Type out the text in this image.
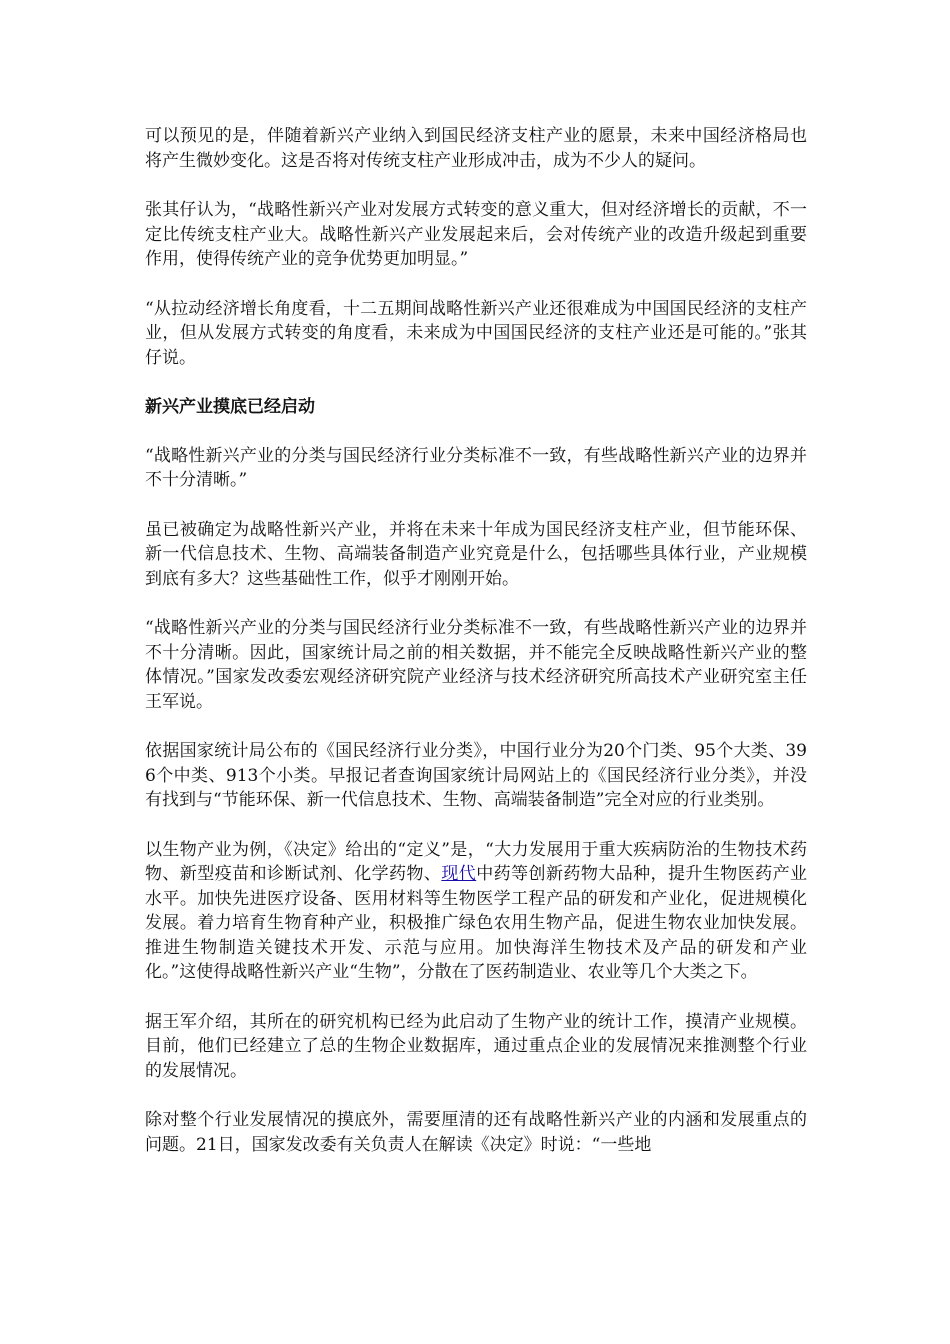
可以预见的是，伴随着新兴产业纳入到国民经济支柱产业的愿景，未来中国经济格局也将产生微妙变化。这是否将对传统支柱产业形成冲击，成为不少人的疑问。

张其仔认为，“战略性新兴产业对发展方式转变的意义重大，但对经济增长的贡献，不一定比传统支柱产业大。战略性新兴产业发展起来后，会对传统产业的改造升级起到重要作用，使得传统产业的竞争优势更加明显。”

“从拉动经济增长角度看，十二五期间战略性新兴产业还很难成为中国国民经济的支柱产业，但从发展方式转变的角度看，未来成为中国国民经济的支柱产业还是可能的。”张其仔说。

新兴产业摸底已经启动

“战略性新兴产业的分类与国民经济行业分类标准不一致，有些战略性新兴产业的边界并不十分清晰。”

虽已被确定为战略性新兴产业，并将在未来十年成为国民经济支柱产业，但节能环保、新一代信息技术、生物、高端装备制造产业究竟是什么，包括哪些具体行业，产业规模到底有多大？这些基础性工作，似乎才刚刚开始。

“战略性新兴产业的分类与国民经济行业分类标准不一致，有些战略性新兴产业的边界并不十分清晰。因此，国家统计局之前的相关数据，并不能完全反映战略性新兴产业的整体情况。”国家发改委宏观经济研究院产业经济与技术经济研究所高技术产业研究室主任王军说。

依据国家统计局公布的《国民经济行业分类》，中国行业分为20个门类、95个大类、396个中类、913个小类。早报记者查询国家统计局网站上的《国民经济行业分类》，并没有找到与“节能环保、新一代信息技术、生物、高端装备制造”完全对应的行业类别。

以生物产业为例，《决定》给出的“定义”是，“大力发展用于重大疾病防治的生物技术药物、新型疫苗和诊断试剂、化学药物、现代中药等创新药物大品种，提升生物医药产业水平。加快先进医疗设备、医用材料等生物医学工程产品的研发和产业化，促进规模化发展。着力培育生物育种产业，积极推广绿色农用生物产品，促进生物农业加快发展。推进生物制造关键技术开发、示范与应用。加快海洋生物技术及产品的研发和产业化。”这使得战略性新兴产业“生物”，分散在了医药制造业、农业等几个大类之下。

据王军介绍，其所在的研究机构已经为此启动了生物产业的统计工作，摸清产业规模。目前，他们已经建立了总的生物企业数据库，通过重点企业的发展情况来推测整个行业的发展情况。

除对整个行业发展情况的摸底外，需要厘清的还有战略性新兴产业的内涵和发展重点的问题。21日，国家发改委有关负责人在解读《决定》时说：“一些地
